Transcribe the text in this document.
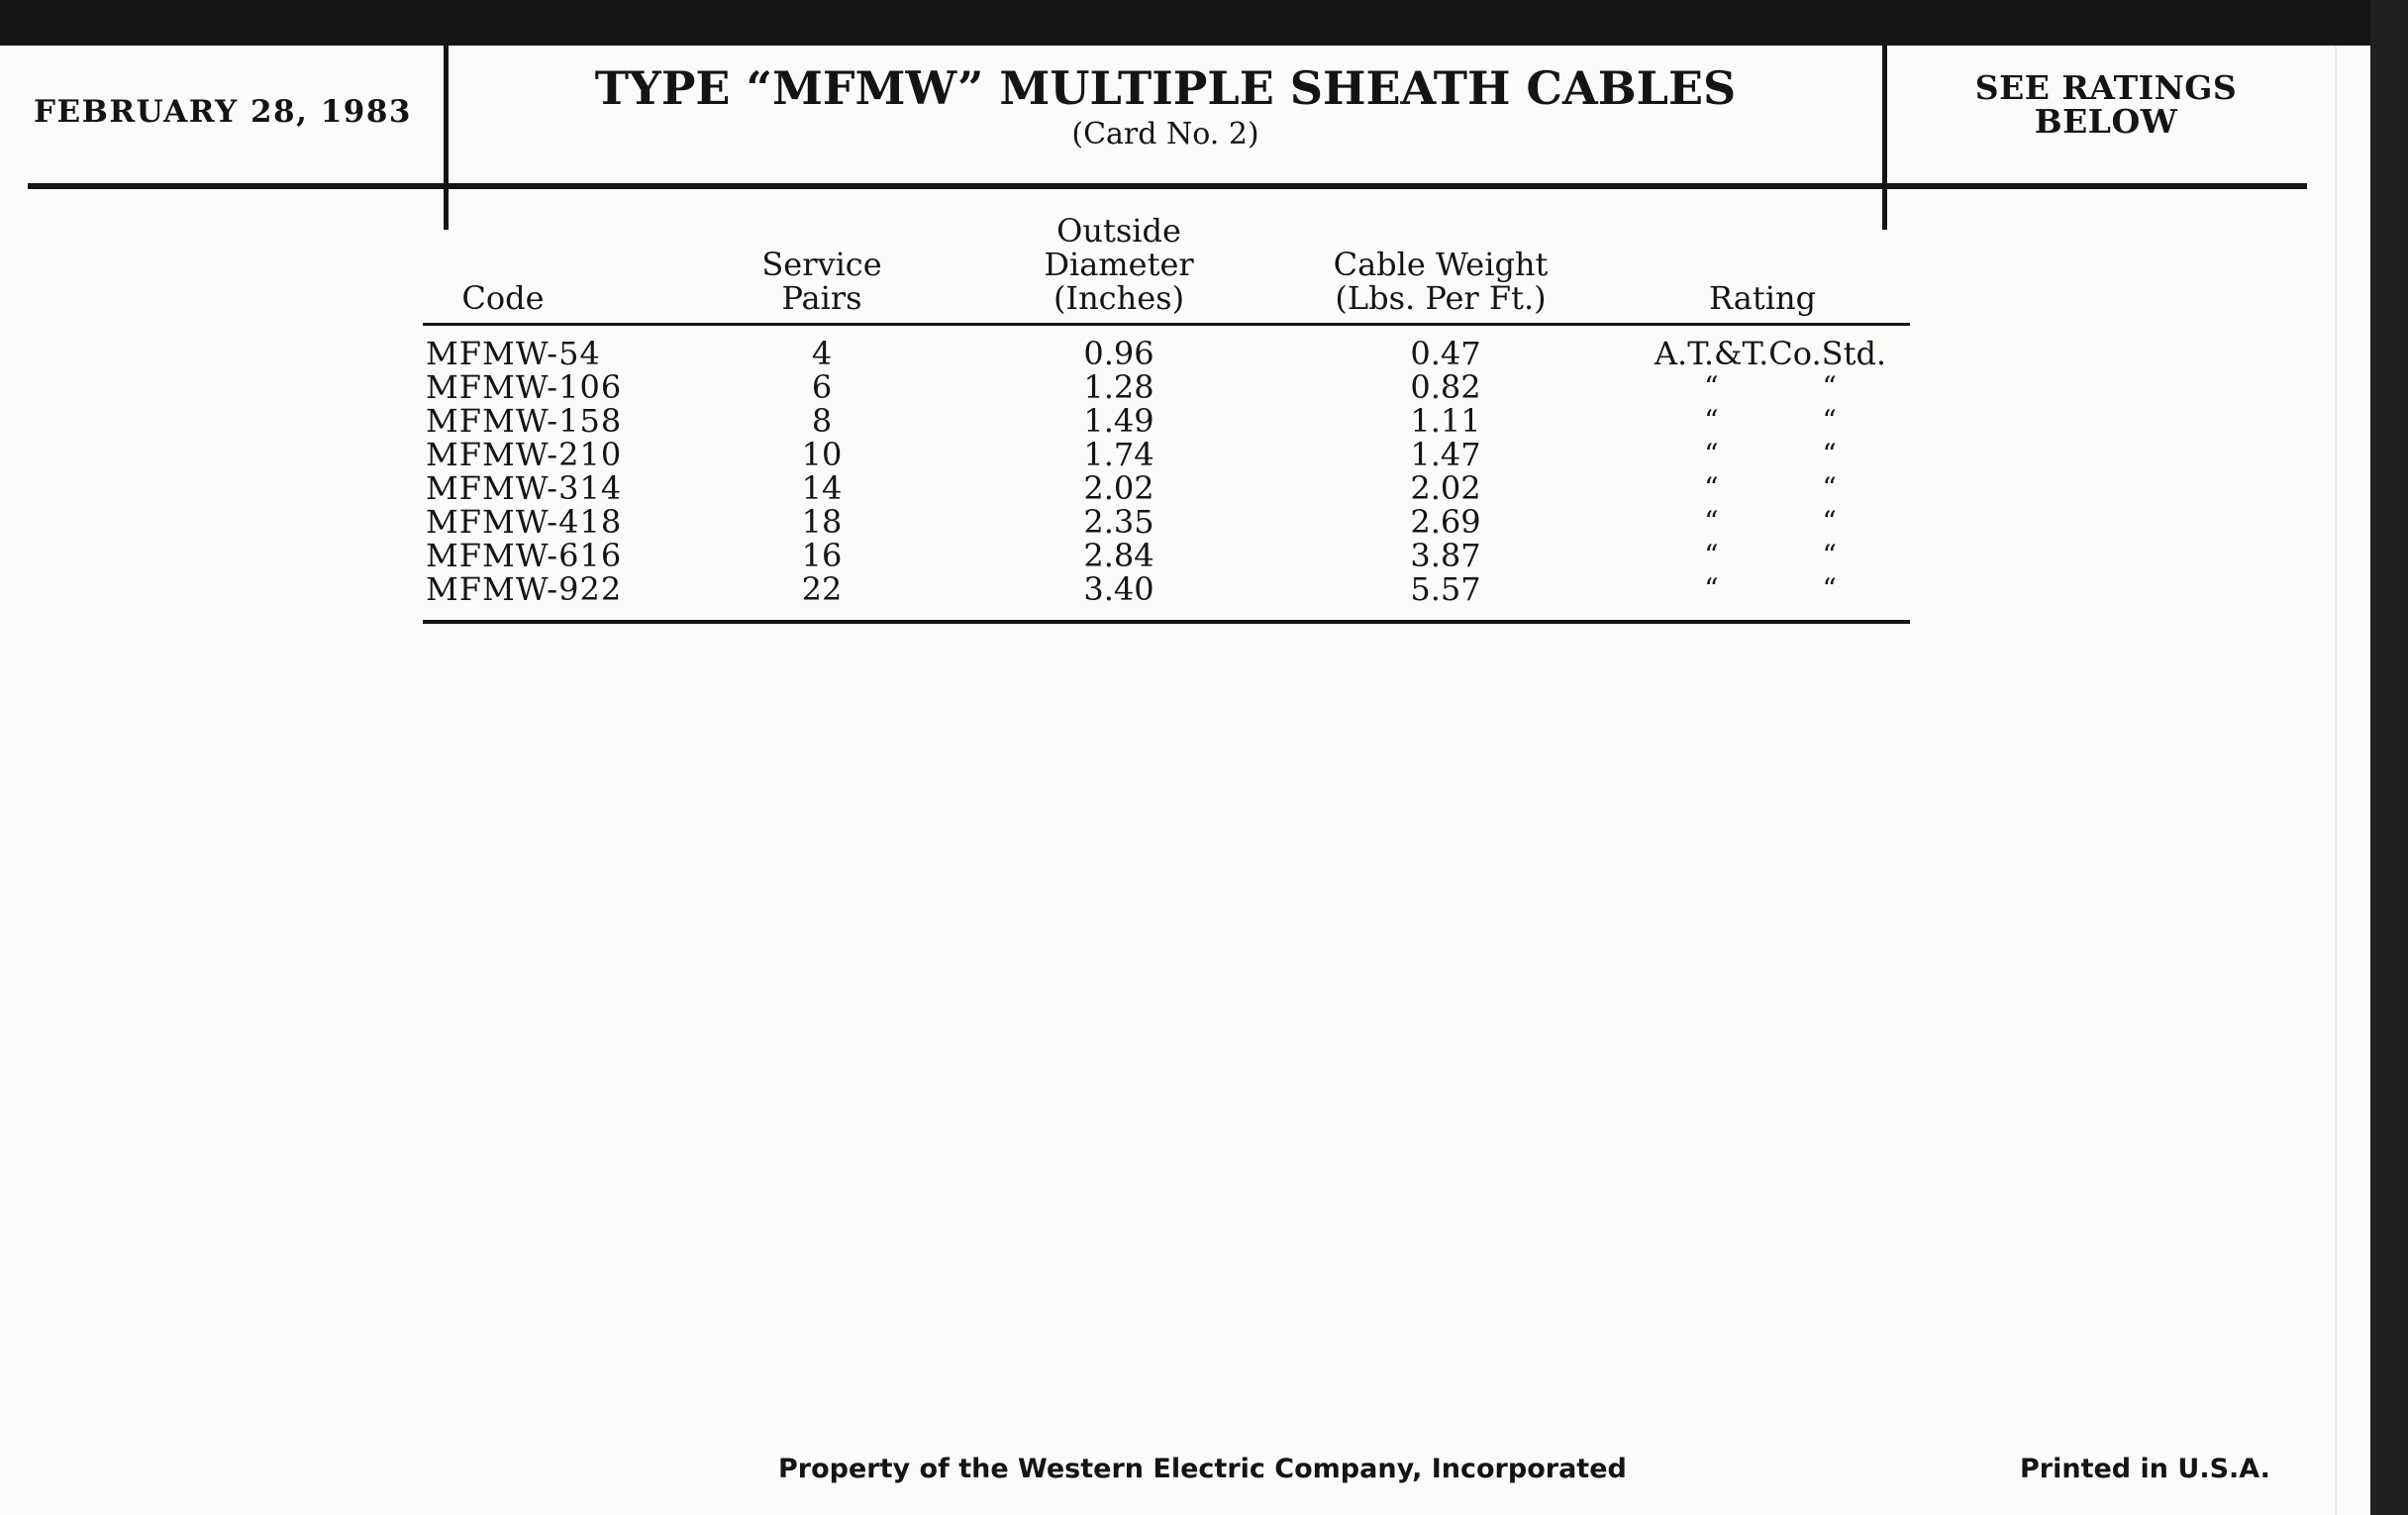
FEBRUARY 28, 1983	TYPE “MFMW” MULTIPLE SHEATH CABLES
(Card No. 2)
SEE RATINGS
BELOW
Code
Service
Pairs
Outside
Diameter
(Inches)
Cable Weight
(Lbs. Per Ft.)	Rating
MFMW-54	4	0.96	0.47	A.T.&T.Co.Std.
MFMW-106	6	1.28	0.82	“ “
MFMW-158	8	1.49	1.11	“ “
MFMW-210	10	1.74	1.47	“ “
MFMW-314	14	2.02	2.02	“ “
MFMW-418	18	2.35	2.69	“ “
MFMW-616	16	2.84	3.87	“ “
MFMW-922	22	3.40	5.57	“ “
Property of the Western Electric Company, Incorporated	Printed in U.S.A.
